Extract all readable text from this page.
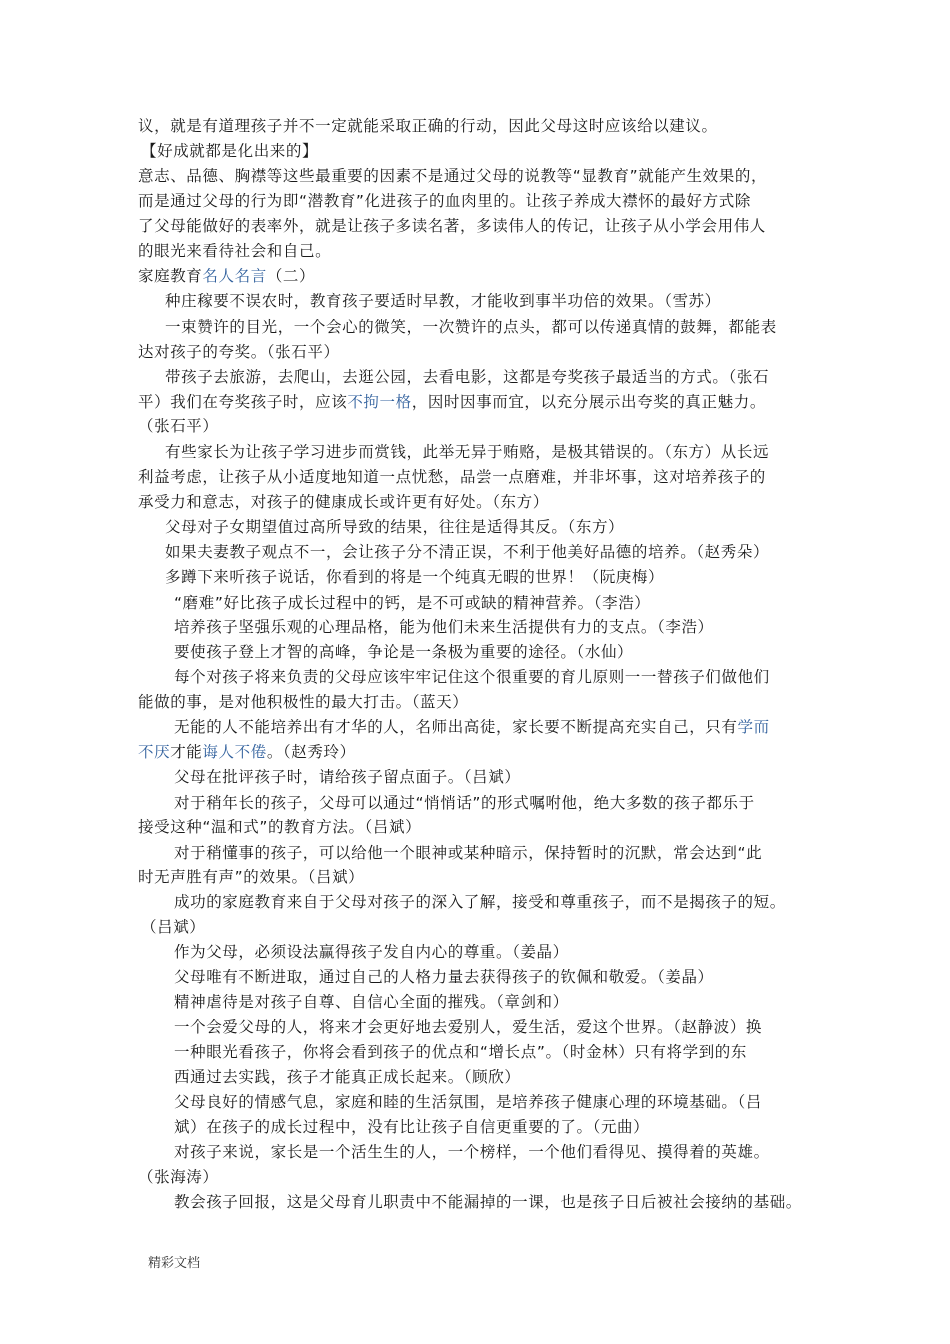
议，就是有道理孩子并不一定就能采取正确的行动，因此父母这时应该给以建议。
【好成就都是化出来的】
意志、品德、胸襟等这些最重要的因素不是通过父母的说教等“显教育”就能产生效果的，
而是通过父母的行为即“潜教育”化进孩子的血肉里的。让孩子养成大襟怀的最好方式除
了父母能做好的表率外，就是让孩子多读名著，多读伟人的传记，让孩子从小学会用伟人
的眼光来看待社会和自己。
家庭教育名人名言（二）
种庄稼要不误农时，教育孩子要适时早教，才能收到事半功倍的效果。（雪苏）
一束赞许的目光，一个会心的微笑，一次赞许的点头，都可以传递真情的鼓舞，都能表
达对孩子的夸奖。（张石平）
带孩子去旅游，去爬山，去逛公园，去看电影，这都是夸奖孩子最适当的方式。（张石
平）我们在夸奖孩子时，应该不拘一格，因时因事而宜，以充分展示出夸奖的真正魅力。
（张石平）
有些家长为让孩子学习进步而赏钱，此举无异于贿赂，是极其错误的。（东方）从长远
利益考虑，让孩子从小适度地知道一点忧愁，品尝一点磨难，并非坏事，这对培养孩子的
承受力和意志，对孩子的健康成长或许更有好处。（东方）
父母对子女期望值过高所导致的结果，往往是适得其反。（东方）
如果夫妻教子观点不一，会让孩子分不清正误，不利于他美好品德的培养。（赵秀朵）
多蹲下来听孩子说话，你看到的将是一个纯真无暇的世界！（阮庚梅）
“磨难”好比孩子成长过程中的钙，是不可或缺的精神营养。（李浩）
培养孩子坚强乐观的心理品格，能为他们未来生活提供有力的支点。（李浩）
要使孩子登上才智的高峰，争论是一条极为重要的途径。（水仙）
每个对孩子将来负责的父母应该牢牢记住这个很重要的育儿原则一一替孩子们做他们
能做的事，是对他积极性的最大打击。（蓝天）
无能的人不能培养出有才华的人，名师出高徒，家长要不断提高充实自己，只有学而
不厌才能诲人不倦。（赵秀玲）
父母在批评孩子时，请给孩子留点面子。（吕斌）
对于稍年长的孩子，父母可以通过“悄悄话”的形式嘱咐他，绝大多数的孩子都乐于
接受这种“温和式”的教育方法。（吕斌）
对于稍懂事的孩子，可以给他一个眼神或某种暗示，保持暂时的沉默，常会达到“此
时无声胜有声”的效果。（吕斌）
成功的家庭教育来自于父母对孩子的深入了解，接受和尊重孩子，而不是揭孩子的短。
（吕斌）
作为父母，必须设法赢得孩子发自内心的尊重。（姜晶）
父母唯有不断进取，通过自己的人格力量去获得孩子的钦佩和敬爱。（姜晶）
精神虐待是对孩子自尊、自信心全面的摧残。（章剑和）
一个会爱父母的人，将来才会更好地去爱别人，爱生活，爱这个世界。（赵静波）换
一种眼光看孩子，你将会看到孩子的优点和“增长点”。（时金林）只有将学到的东
西通过去实践，孩子才能真正成长起来。（顾欣）
父母良好的情感气息，家庭和睦的生活氛围，是培养孩子健康心理的环境基础。（吕
斌）在孩子的成长过程中，没有比让孩子自信更重要的了。（元曲）
对孩子来说，家长是一个活生生的人，一个榜样，一个他们看得见、摸得着的英雄。
（张海涛）
教会孩子回报，这是父母育儿职责中不能漏掉的一课，也是孩子日后被社会接纳的基础。
精彩文档
